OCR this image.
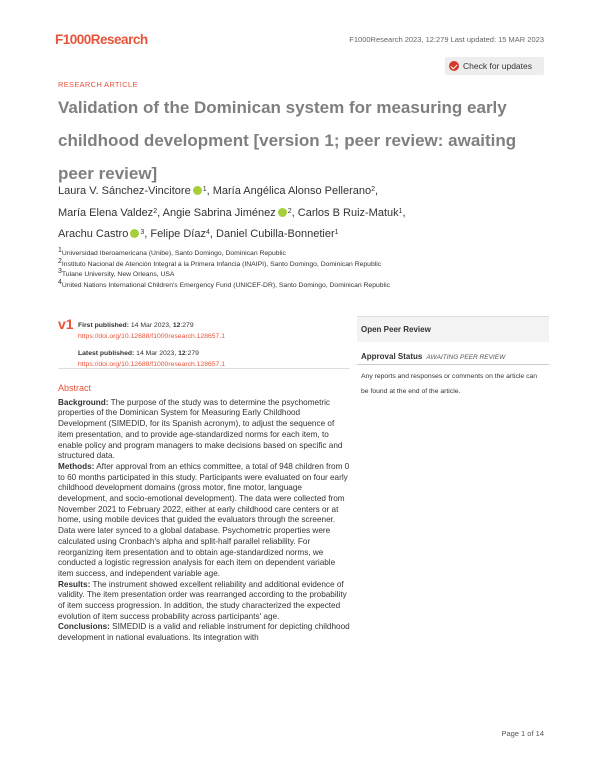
F1000Research	F1000Research 2023, 12:279 Last updated: 15 MAR 2023
RESEARCH ARTICLE
Check for updates
Validation of the Dominican system for measuring early childhood development [version 1; peer review: awaiting peer review]
Laura V. Sánchez-Vincitore $^1$, María Angélica Alonso Pellerano$^2$,
María Elena Valdez$^2$, Angie Sabrina Jiménez $^2$, Carlos B Ruiz-Matuk$^1$,
Arachu Castro $^3$, Felipe Díaz$^4$, Daniel Cubilla-Bonnetier$^1$
$^1$Universidad Iberoamericana (Unibe), Santo Domingo, Dominican Republic
$^2$Instituto Nacional de Atención Integral a la Primera Infancia (INAIPI), Santo Domingo, Dominican Republic
$^3$Tulane University, New Orleans, USA
$^4$United Nations International Children's Emergency Fund (UNICEF-DR), Santo Domingo, Dominican Republic
v1 First published: 14 Mar 2023, 12:279
https://doi.org/10.12688/f1000research.128657.1
Latest published: 14 Mar 2023, 12:279
https://doi.org/10.12688/f1000research.128657.1
Open Peer Review
Approval Status AWAITING PEER REVIEW
Any reports and responses or comments on the article can be found at the end of the article.
Abstract

Background: The purpose of the study was to determine the psychometric properties of the Dominican System for Measuring Early Childhood Development (SIMEDID, for its Spanish acronym), to adjust the sequence of item presentation, and to provide age-standardized norms for each item, to enable policy and program managers to make decisions based on specific and structured data.

Methods: After approval from an ethics committee, a total of 948 children from 0 to 60 months participated in this study. Participants were evaluated on four early childhood development domains (gross motor, fine motor, language development, and socio-emotional development). The data were collected from November 2021 to February 2022, either at early childhood care centers or at home, using mobile devices that guided the evaluators through the screener. Data were later synced to a global database. Psychometric properties were calculated using Cronbach's alpha and split-half parallel reliability. For reorganizing item presentation and to obtain age-standardized norms, we conducted a logistic regression analysis for each item on dependent variable item success, and independent variable age.

Results: The instrument showed excellent reliability and additional evidence of validity. The item presentation order was rearranged according to the probability of item success progression. In addition, the study characterized the expected evolution of item success probability across participants' age.

Conclusions: SIMEDID is a valid and reliable instrument for depicting childhood development in national evaluations. Its integration with

Page 1 of 14
